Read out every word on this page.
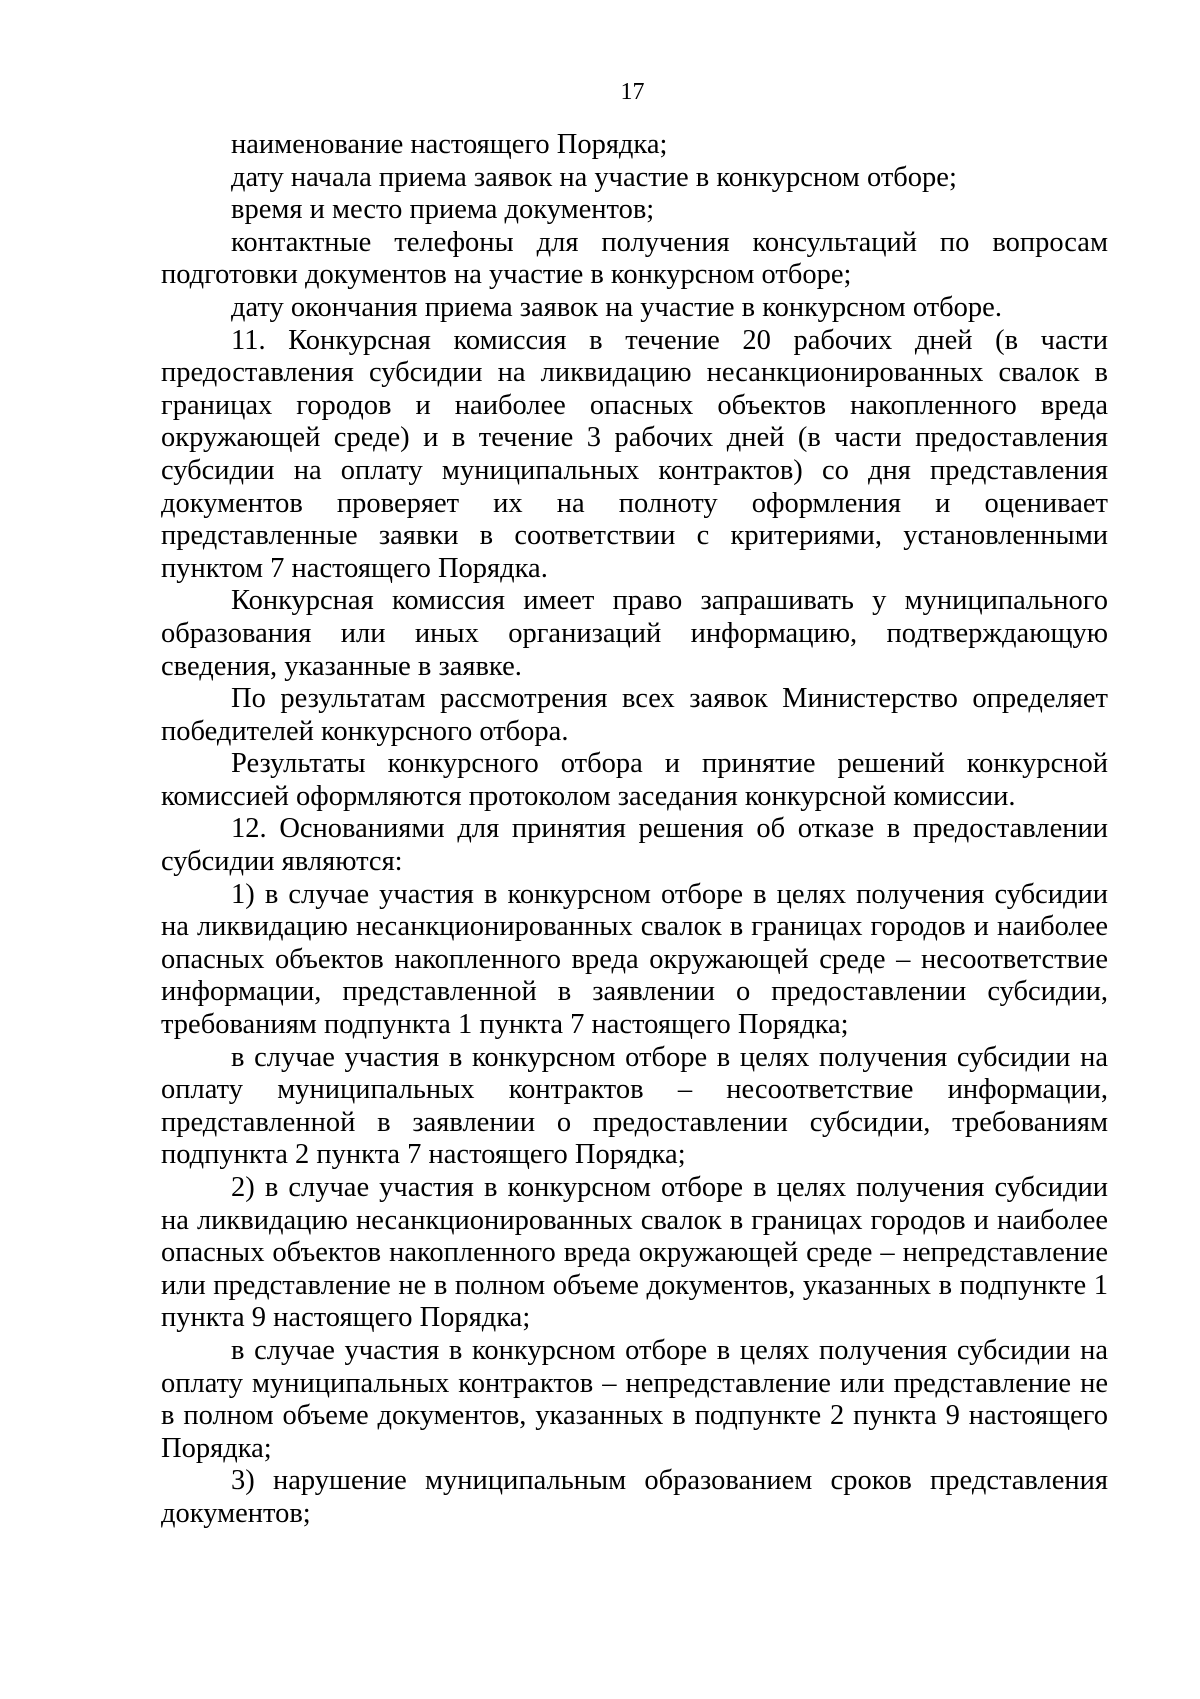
17

наименование настоящего Порядка;

дату начала приема заявок на участие в конкурсном отборе;

время и место приема документов;

контактные телефоны для получения консультаций по вопросам подготовки документов на участие в конкурсном отборе;

дату окончания приема заявок на участие в конкурсном отборе.

11. Конкурсная комиссия в течение 20 рабочих дней (в части предоставления субсидии на ликвидацию несанкционированных свалок в границах городов и наиболее опасных объектов накопленного вреда окружающей среде) и в течение 3 рабочих дней (в части предоставления субсидии на оплату муниципальных контрактов) со дня представления документов проверяет их на полноту оформления и оценивает представленные заявки в соответствии с критериями, установленными пунктом 7 настоящего Порядка.

Конкурсная комиссия имеет право запрашивать у муниципального образования или иных организаций информацию, подтверждающую сведения, указанные в заявке.

По результатам рассмотрения всех заявок Министерство определяет победителей конкурсного отбора.

Результаты конкурсного отбора и принятие решений конкурсной комиссией оформляются протоколом заседания конкурсной комиссии.

12. Основаниями для принятия решения об отказе в предоставлении субсидии являются:

1) в случае участия в конкурсном отборе в целях получения субсидии на ликвидацию несанкционированных свалок в границах городов и наиболее опасных объектов накопленного вреда окружающей среде – несоответствие информации, представленной в заявлении о предоставлении субсидии, требованиям подпункта 1 пункта 7 настоящего Порядка;

в случае участия в конкурсном отборе в целях получения субсидии на оплату муниципальных контрактов – несоответствие информации, представленной в заявлении о предоставлении субсидии, требованиям подпункта 2 пункта 7 настоящего Порядка;

2) в случае участия в конкурсном отборе в целях получения субсидии на ликвидацию несанкционированных свалок в границах городов и наиболее опасных объектов накопленного вреда окружающей среде – непредставление или представление не в полном объеме документов, указанных в подпункте 1 пункта 9 настоящего Порядка;

в случае участия в конкурсном отборе в целях получения субсидии на оплату муниципальных контрактов – непредставление или представление не в полном объеме документов, указанных в подпункте 2 пункта 9 настоящего Порядка;

3) нарушение муниципальным образованием сроков представления документов;
